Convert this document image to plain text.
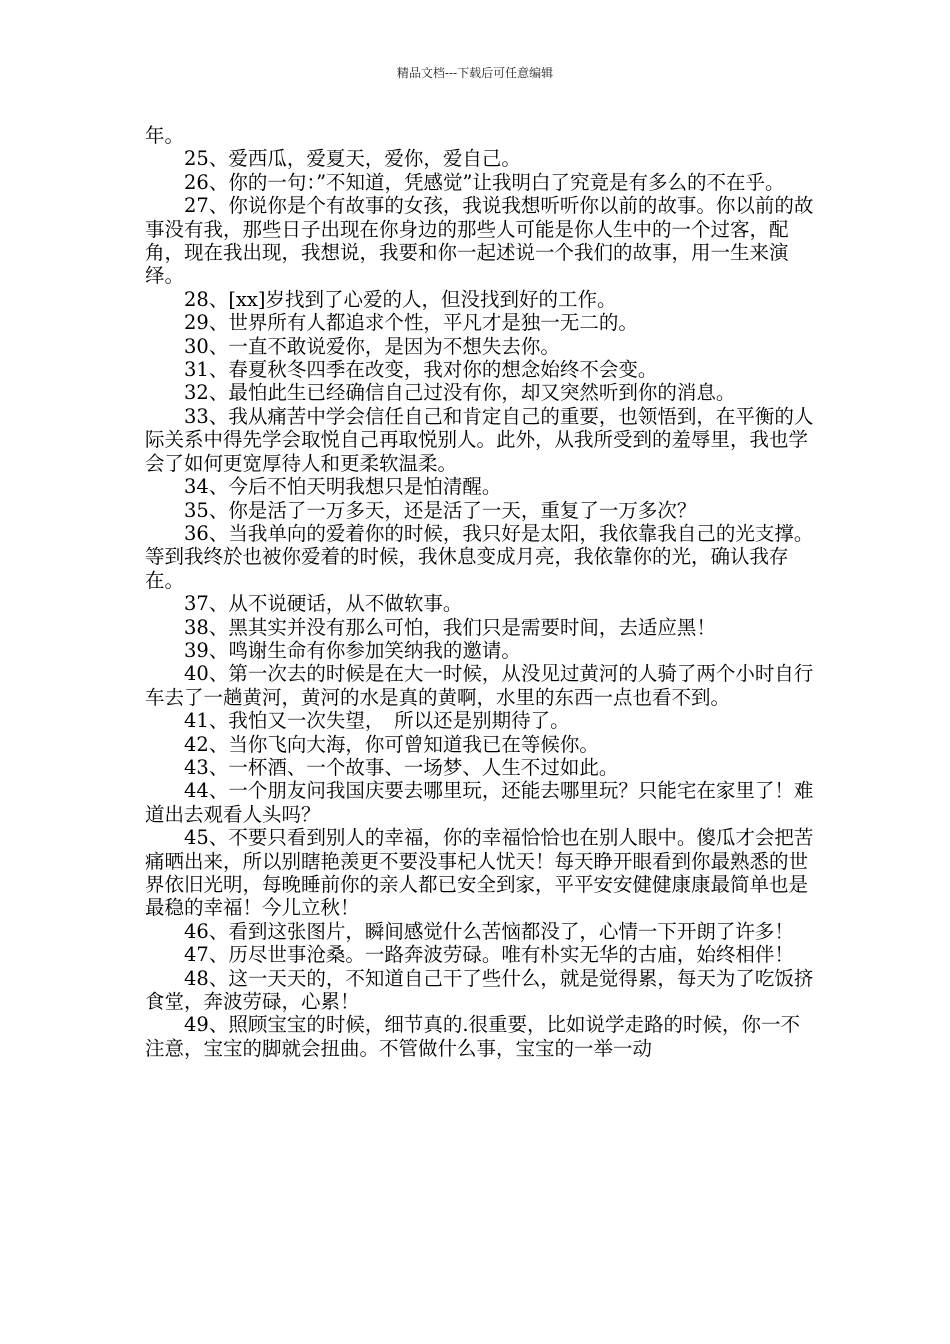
精品文档---下载后可任意编辑

年。

25、爱西瓜，爱夏天，爱你，爱自己。

26、你的一句：”不知道，凭感觉”让我明白了究竟是有多么的不在乎。

27、你说你是个有故事的女孩，我说我想听听你以前的故事。你以前的故事没有我，那些日子出现在你身边的那些人可能是你人生中的一个过客，配角，现在我出现，我想说，我要和你一起述说一个我们的故事，用一生来演绎。

28、[xx]岁找到了心爱的人，但没找到好的工作。

29、世界所有人都追求个性，平凡才是独一无二的。

30、一直不敢说爱你，是因为不想失去你。

31、春夏秋冬四季在改变，我对你的想念始终不会变。

32、最怕此生已经确信自己过没有你，却又突然听到你的消息。

33、我从痛苦中学会信任自己和肯定自己的重要，也领悟到，在平衡的人际关系中得先学会取悦自己再取悦别人。此外，从我所受到的羞辱里，我也学会了如何更宽厚待人和更柔软温柔。

34、今后不怕天明我想只是怕清醒。

35、你是活了一万多天，还是活了一天，重复了一万多次？

36、当我单向的爱着你的时候，我只好是太阳，我依靠我自己的光支撑。等到我终於也被你爱着的时候，我休息变成月亮，我依靠你的光，确认我存在。

37、从不说硬话，从不做软事。

38、黑其实并没有那么可怕，我们只是需要时间，去适应黑！

39、鸣谢生命有你参加笑纳我的邀请。

40、第一次去的时候是在大一时候，从没见过黄河的人骑了两个小时自行车去了一趟黄河，黄河的水是真的黄啊，水里的东西一点也看不到。

41、我怕又一次失望，　所以还是别期待了。

42、当你飞向大海，你可曾知道我已在等候你。

43、一杯酒、一个故事、一场梦、人生不过如此。

44、一个朋友问我国庆要去哪里玩，还能去哪里玩？只能宅在家里了！难道出去观看人头吗？

45、不要只看到别人的幸福，你的幸福恰恰也在别人眼中。傻瓜才会把苦痛晒出来，所以别瞎艳羡更不要没事杞人忧天！每天睁开眼看到你最熟悉的世界依旧光明，每晚睡前你的亲人都已安全到家，平平安安健健康康最简单也是最稳的幸福！今儿立秋！

46、看到这张图片，瞬间感觉什么苦恼都没了，心情一下开朗了许多！

47、历尽世事沧桑。一路奔波劳碌。唯有朴实无华的古庙，始终相伴！

48、这一天天的，不知道自己干了些什么，就是觉得累，每天为了吃饭挤食堂，奔波劳碌，心累！

49、照顾宝宝的时候，细节真的.很重要，比如说学走路的时候，你一不注意，宝宝的脚就会扭曲。不管做什么事，宝宝的一举一动
